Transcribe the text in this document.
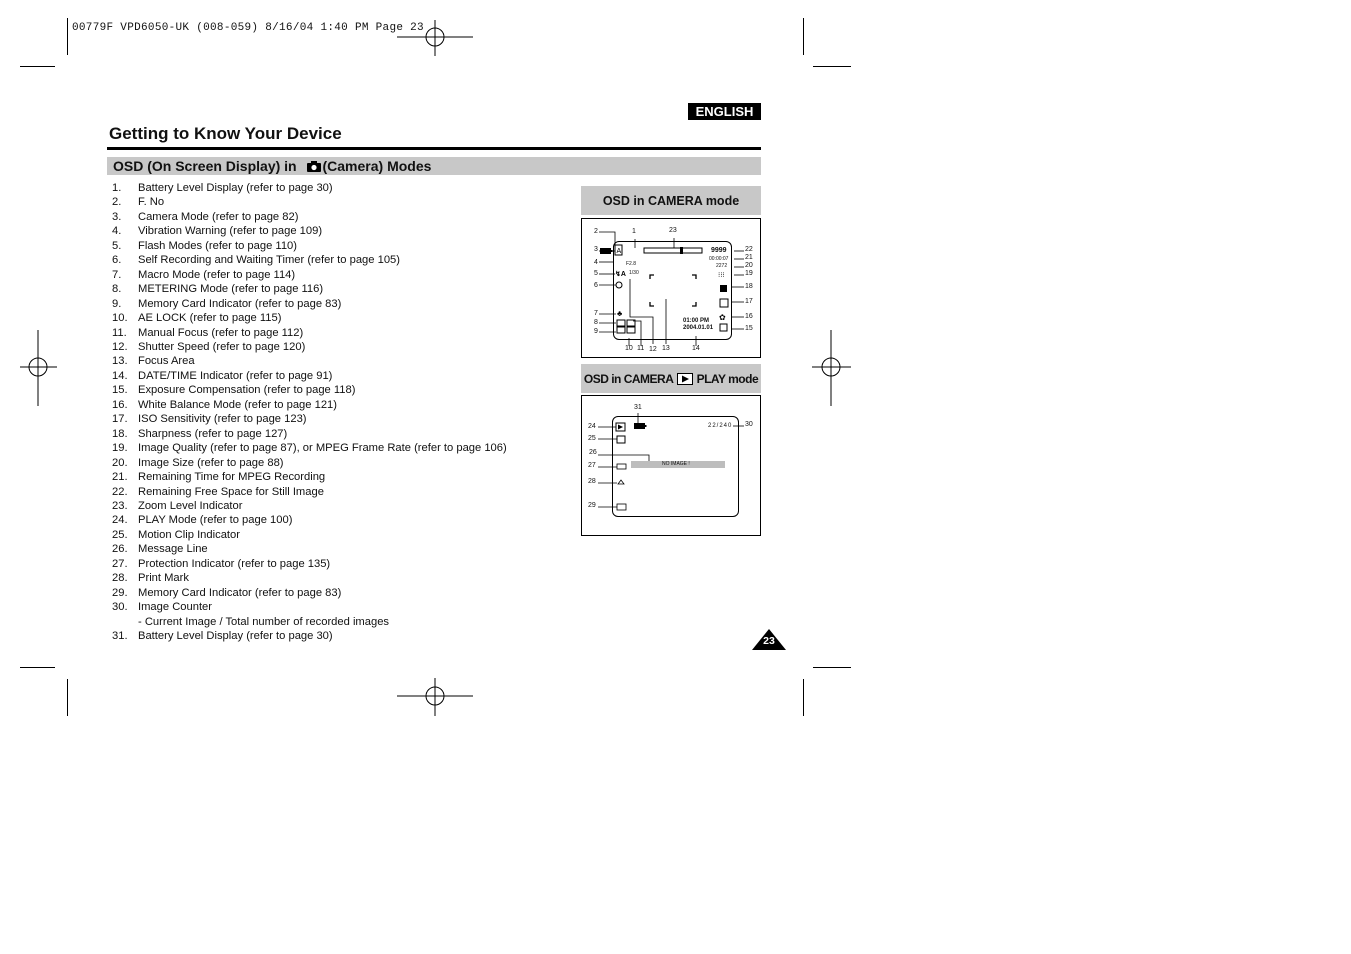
00779F VPD6050-UK (008-059) 8/16/04 1:40 PM Page 23
ENGLISH
Getting to Know Your Device
OSD (On Screen Display) in (Camera) Modes
1.	Battery Level Display (refer to page 30)
2.	F. No
3.	Camera Mode (refer to page 82)
4.	Vibration Warning (refer to page 109)
5.	Flash Modes (refer to page 110)
6.	Self Recording and Waiting Timer (refer to page 105)
7.	Macro Mode (refer to page 114)
8.	METERING Mode (refer to page 116)
9.	Memory Card Indicator (refer to page 83)
10. AE LOCK (refer to page 115)
11.	Manual Focus (refer to page 112)
12. Shutter Speed (refer to page 120)
13. Focus Area
14. DATE/TIME Indicator (refer to page 91)
15. Exposure Compensation (refer to page 118)
16. White Balance Mode (refer to page 121)
17. ISO Sensitivity (refer to page 123)
18. Sharpness (refer to page 127)
19. Image Quality (refer to page 87), or MPEG Frame Rate (refer to page 106)
20. Image Size (refer to page 88)
21. Remaining Time for MPEG Recording
22. Remaining Free Space for Still Image
23. Zoom Level Indicator
24. PLAY Mode (refer to page 100)
25. Motion Clip Indicator
26. Message Line
27. Protection Indicator (refer to page 135)
28. Print Mark
29. Memory Card Indicator (refer to page 83)
30. Image Counter
- Current Image / Total number of recorded images
31. Battery Level Display (refer to page 30)
OSD in CAMERA mode
A
↯A
♣	✿
⁝⁝⁝
9999
00:00:07
2272
F2.8
1/30
01:00 PM
2004.01.01
1
2
3
4
5
6
7
8
9
10 11 12 13	14
15
16
17
18
19
20
21
22
23
OSD in CAMERA PLAY mode
22/240
NO IMAGE !
24
25
26
27
28
29
30
31
23
